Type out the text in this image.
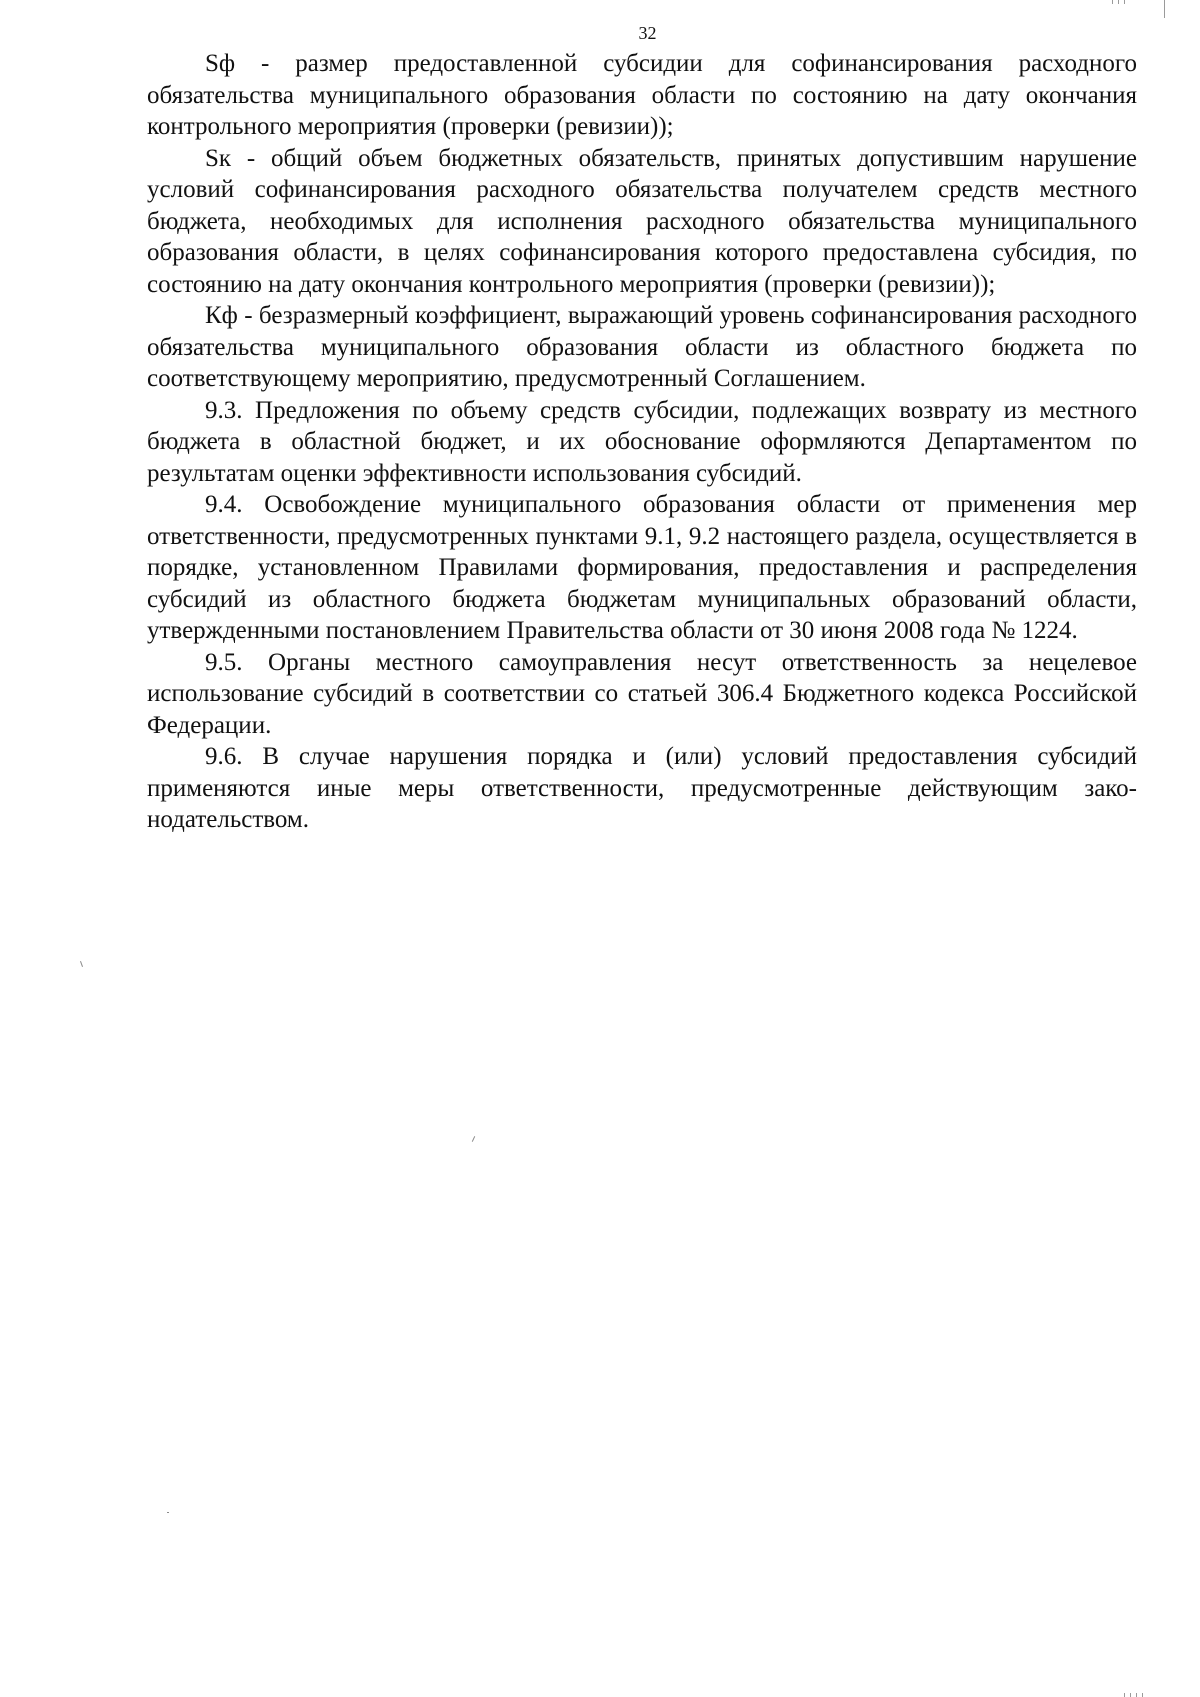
32

Sф - размер предоставленной субсидии для софинансирования расходного обязательства муниципального образования области по состоянию на дату окончания контрольного мероприятия (проверки (ревизии));

Sк - общий объем бюджетных обязательств, принятых допустившим нарушение условий софинансирования расходного обязательства получателем средств местного бюджета, необходимых для исполнения расходного обязательства муниципального образования области, в целях софинансирования которого предоставлена субсидия, по состоянию на дату окончания контрольного мероприятия (проверки (ревизии));

Кф - безразмерный коэффициент, выражающий уровень софинансирования расходного обязательства муниципального образования области из областного бюджета по соответствующему мероприятию, предусмотренный Соглашением.

9.3. Предложения по объему средств субсидии, подлежащих возврату из местного бюджета в областной бюджет, и их обоснование оформляются Департаментом по результатам оценки эффективности использования субсидий.

9.4. Освобождение муниципального образования области от применения мер ответственности, предусмотренных пунктами 9.1, 9.2 настоящего раздела, осуществляется в порядке, установленном Правилами формирования, предоставления и распределения субсидий из областного бюджета бюджетам муниципальных образований области, утвержденными постановлением Правительства области от 30 июня 2008 года № 1224.

9.5. Органы местного самоуправления несут ответственность за нецелевое использование субсидий в соответствии со статьей 306.4 Бюджетного кодекса Российской Федерации.

9.6. В случае нарушения порядка и (или) условий предоставления субсидий применяются иные меры ответственности, предусмотренные действующим законодательством.
